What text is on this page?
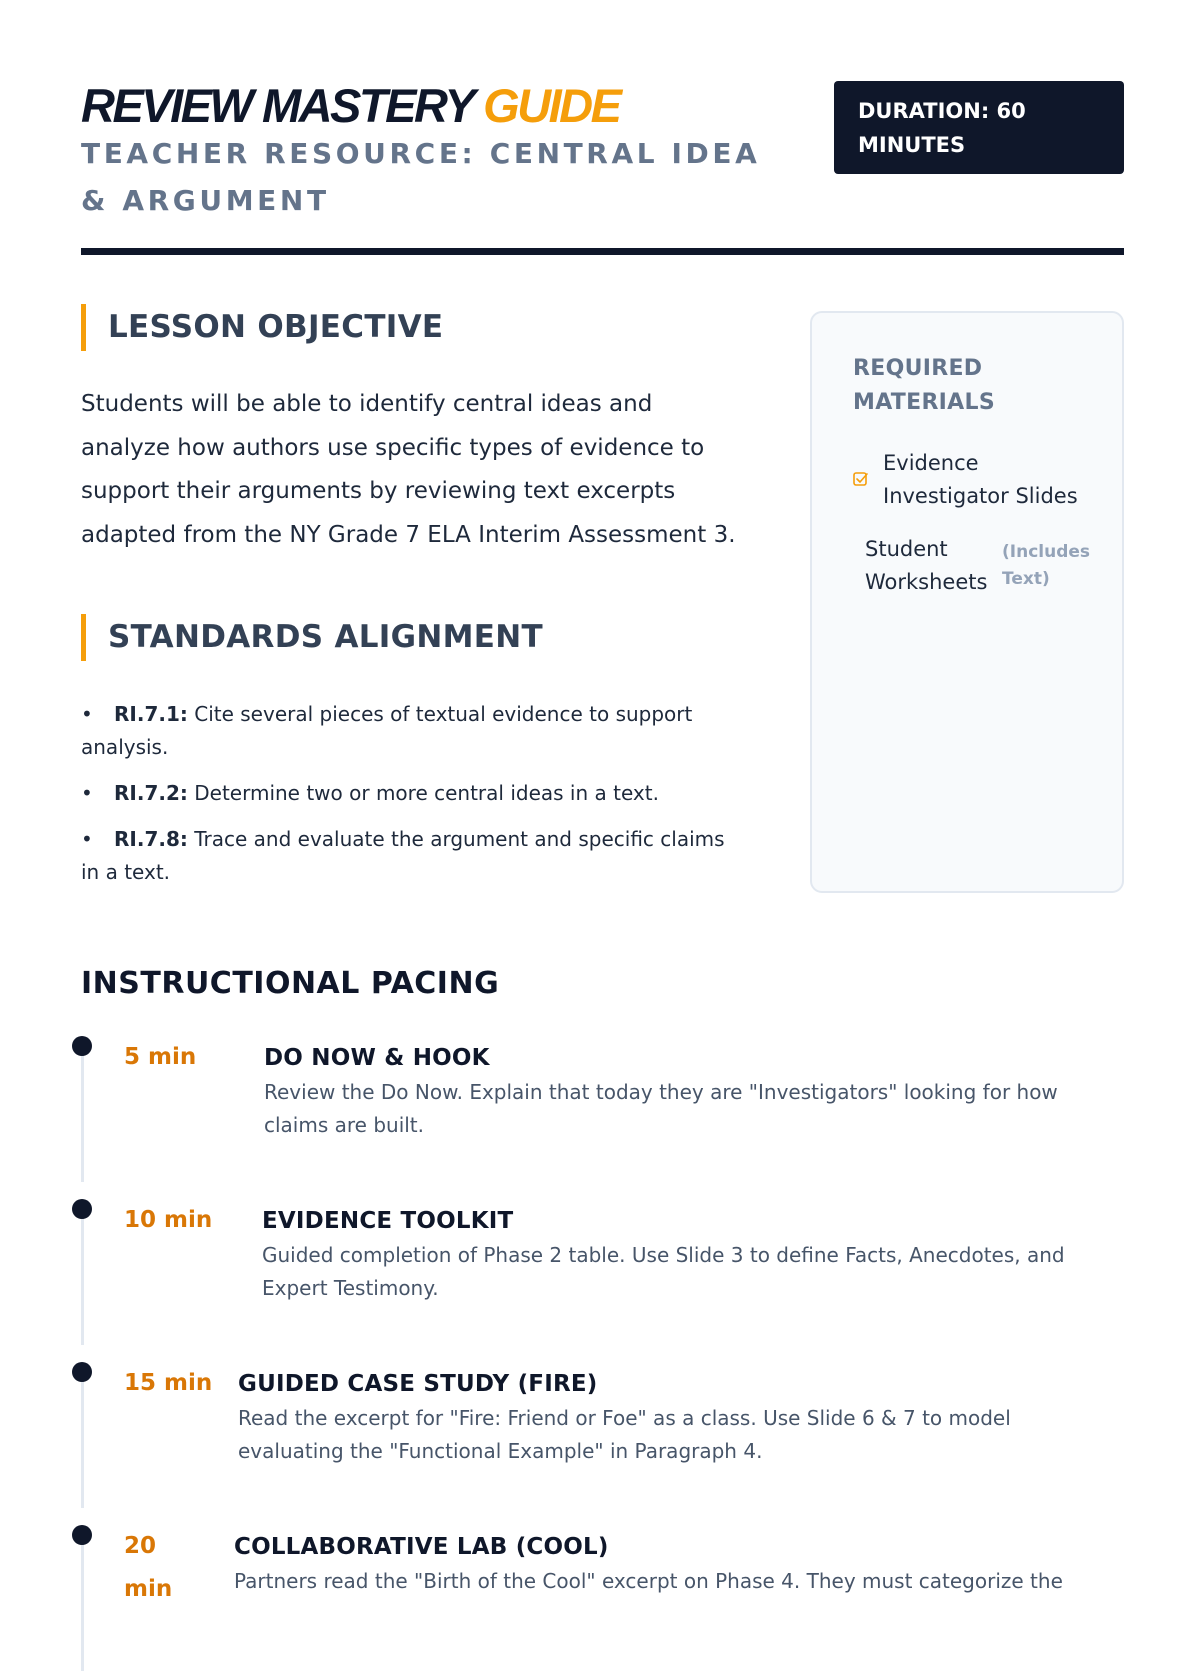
REVIEW MASTERY GUIDE

TEACHER RESOURCE: CENTRAL IDEA & ARGUMENT

DURATION: 60 MINUTES
LESSON OBJECTIVE

Students will be able to identify central ideas and analyze how authors use specific types of evidence to support their arguments by reviewing text excerpts adapted from the NY Grade 7 ELA Interim Assessment 3.

STANDARDS ALIGNMENT
• RI.7.1: Cite several pieces of textual evidence to support analysis.
• RI.7.2: Determine two or more central ideas in a text.
• RI.7.8: Trace and evaluate the argument and specific claims in a text.
REQUIRED MATERIALS
Evidence Investigator Slides
Student Worksheets
(Includes Text)
INSTRUCTIONAL PACING
5 min	DO NOW & HOOK

Review the Do Now. Explain that today they are "Investigators" looking for how claims are built.

10 min	EVIDENCE TOOLKIT

Guided completion of Phase 2 table. Use Slide 3 to define Facts, Anecdotes, and Expert Testimony.

15 min	GUIDED CASE STUDY (FIRE)

Read the excerpt for "Fire: Friend or Foe" as a class. Use Slide 6 & 7 to model evaluating the "Functional Example" in Paragraph 4.

20 min
COLLABORATIVE LAB (COOL)

Partners read the "Birth of the Cool" excerpt on Phase 4. They must categorize the
